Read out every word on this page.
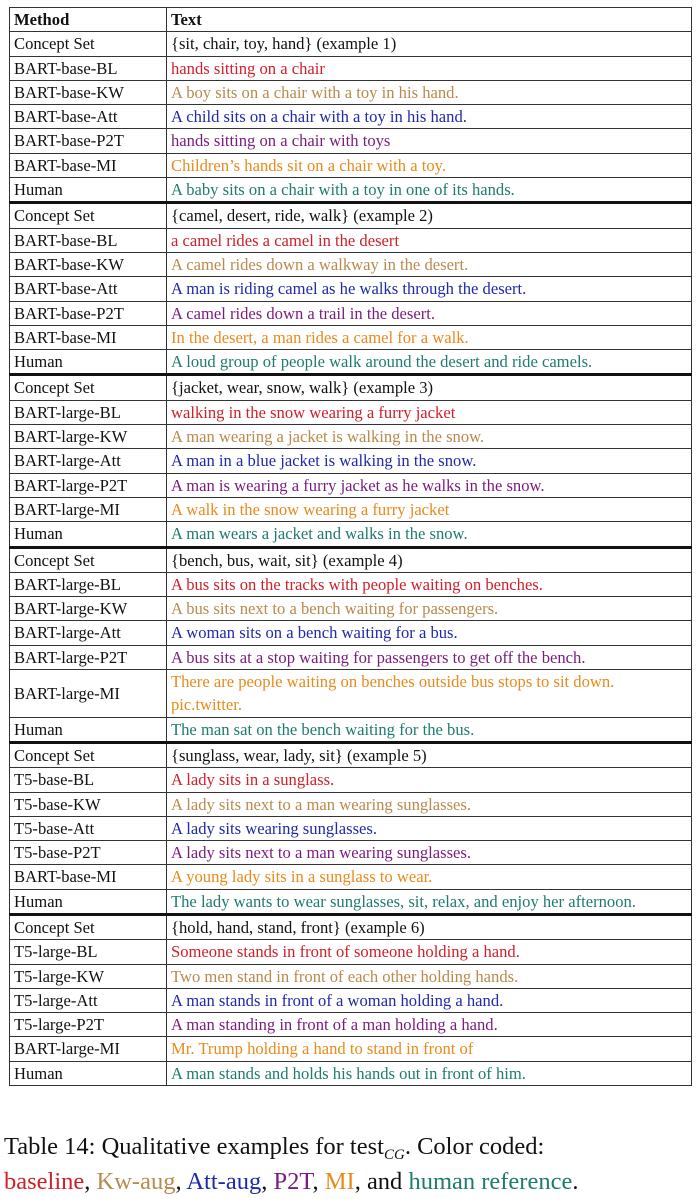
Method	Text
Concept Set	{sit, chair, toy, hand} (example 1)
BART-base-BL	hands sitting on a chair
BART-base-KW	A boy sits on a chair with a toy in his hand.
BART-base-Att	A child sits on a chair with a toy in his hand.
BART-base-P2T	hands sitting on a chair with toys
BART-base-MI	Children’s hands sit on a chair with a toy.
Human	A baby sits on a chair with a toy in one of its hands.
Concept Set	{camel, desert, ride, walk} (example 2)
BART-base-BL	a camel rides a camel in the desert
BART-base-KW	A camel rides down a walkway in the desert.
BART-base-Att	A man is riding camel as he walks through the desert.
BART-base-P2T	A camel rides down a trail in the desert.
BART-base-MI	In the desert, a man rides a camel for a walk.
Human	A loud group of people walk around the desert and ride camels.
Concept Set	{jacket, wear, snow, walk} (example 3)
BART-large-BL	walking in the snow wearing a furry jacket
BART-large-KW	A man wearing a jacket is walking in the snow.
BART-large-Att	A man in a blue jacket is walking in the snow.
BART-large-P2T	A man is wearing a furry jacket as he walks in the snow.
BART-large-MI	A walk in the snow wearing a furry jacket
Human	A man wears a jacket and walks in the snow.
Concept Set	{bench, bus, wait, sit} (example 4)
BART-large-BL	A bus sits on the tracks with people waiting on benches.
BART-large-KW	A bus sits next to a bench waiting for passengers.
BART-large-Att	A woman sits on a bench waiting for a bus.
BART-large-P2T	A bus sits at a stop waiting for passengers to get off the bench.
BART-large-MI	There are people waiting on benches outside bus stops to sit down. pic.twitter.
Human	The man sat on the bench waiting for the bus.
Concept Set	{sunglass, wear, lady, sit} (example 5)
T5-base-BL	A lady sits in a sunglass.
T5-base-KW	A lady sits next to a man wearing sunglasses.
T5-base-Att	A lady sits wearing sunglasses.
T5-base-P2T	A lady sits next to a man wearing sunglasses.
BART-base-MI	A young lady sits in a sunglass to wear.
Human	The lady wants to wear sunglasses, sit, relax, and enjoy her afternoon.
Concept Set	{hold, hand, stand, front} (example 6)
T5-large-BL	Someone stands in front of someone holding a hand.
T5-large-KW	Two men stand in front of each other holding hands.
T5-large-Att	A man stands in front of a woman holding a hand.
T5-large-P2T	A man standing in front of a man holding a hand.
BART-large-MI	Mr. Trump holding a hand to stand in front of
Human	A man stands and holds his hands out in front of him.
Table 14: Qualitative examples for test$_{CG}$. Color coded:
baseline, Kw-aug, Att-aug, P2T, MI, and human reference.
